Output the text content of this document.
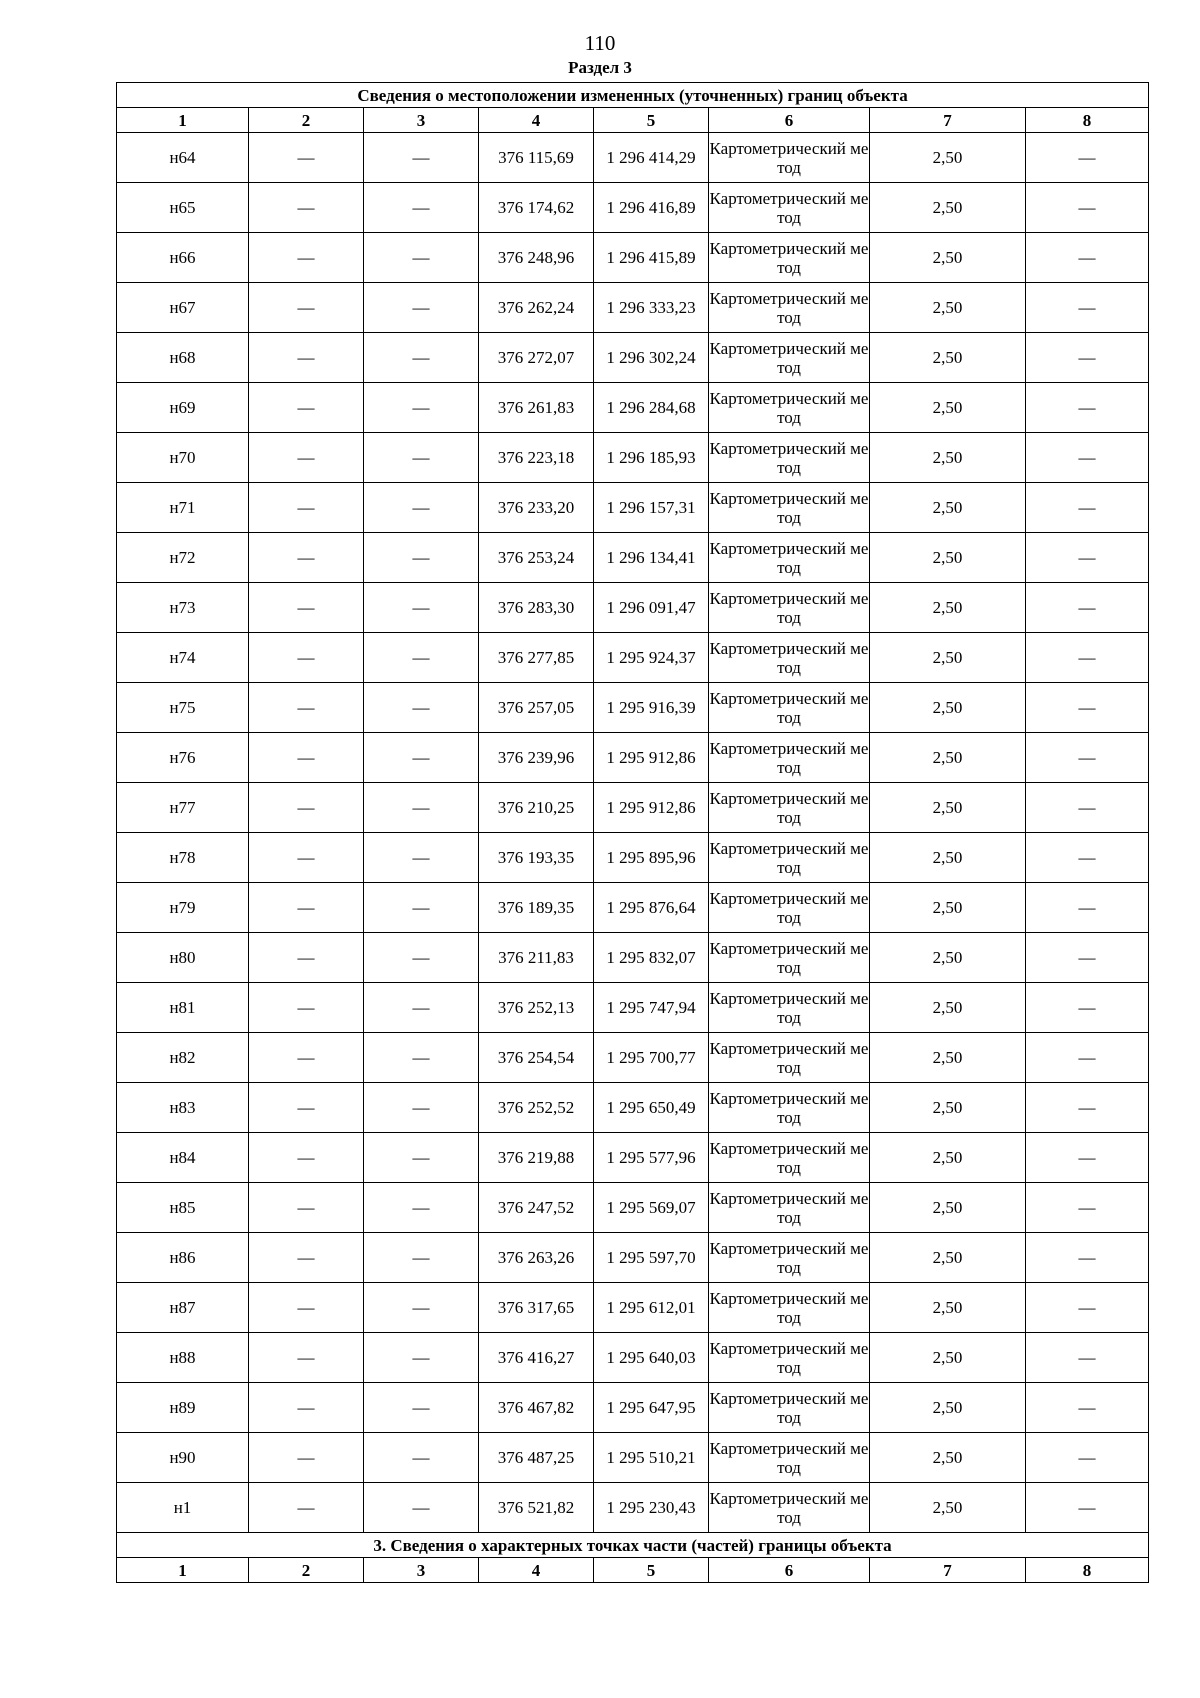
110
Раздел 3
Сведения о местоположении измененных (уточненных) границ объекта							
1	2	3	4	5	6	7	8
н64	—	—	376 115,69	1 296 414,29	Картометрический метод	2,50	—
н65	—	—	376 174,62	1 296 416,89	Картометрический метод	2,50	—
н66	—	—	376 248,96	1 296 415,89	Картометрический метод	2,50	—
н67	—	—	376 262,24	1 296 333,23	Картометрический метод	2,50	—
н68	—	—	376 272,07	1 296 302,24	Картометрический метод	2,50	—
н69	—	—	376 261,83	1 296 284,68	Картометрический метод	2,50	—
н70	—	—	376 223,18	1 296 185,93	Картометрический метод	2,50	—
н71	—	—	376 233,20	1 296 157,31	Картометрический метод	2,50	—
н72	—	—	376 253,24	1 296 134,41	Картометрический метод	2,50	—
н73	—	—	376 283,30	1 296 091,47	Картометрический метод	2,50	—
н74	—	—	376 277,85	1 295 924,37	Картометрический метод	2,50	—
н75	—	—	376 257,05	1 295 916,39	Картометрический метод	2,50	—
н76	—	—	376 239,96	1 295 912,86	Картометрический метод	2,50	—
н77	—	—	376 210,25	1 295 912,86	Картометрический метод	2,50	—
н78	—	—	376 193,35	1 295 895,96	Картометрический метод	2,50	—
н79	—	—	376 189,35	1 295 876,64	Картометрический метод	2,50	—
н80	—	—	376 211,83	1 295 832,07	Картометрический метод	2,50	—
н81	—	—	376 252,13	1 295 747,94	Картометрический метод	2,50	—
н82	—	—	376 254,54	1 295 700,77	Картометрический метод	2,50	—
н83	—	—	376 252,52	1 295 650,49	Картометрический метод	2,50	—
н84	—	—	376 219,88	1 295 577,96	Картометрический метод	2,50	—
н85	—	—	376 247,52	1 295 569,07	Картометрический метод	2,50	—
н86	—	—	376 263,26	1 295 597,70	Картометрический метод	2,50	—
н87	—	—	376 317,65	1 295 612,01	Картометрический метод	2,50	—
н88	—	—	376 416,27	1 295 640,03	Картометрический метод	2,50	—
н89	—	—	376 467,82	1 295 647,95	Картометрический метод	2,50	—
н90	—	—	376 487,25	1 295 510,21	Картометрический метод	2,50	—
н1	—	—	376 521,82	1 295 230,43	Картометрический метод	2,50	—
3. Сведения о характерных точках части (частей) границы объекта							
1	2	3	4	5	6	7	8
